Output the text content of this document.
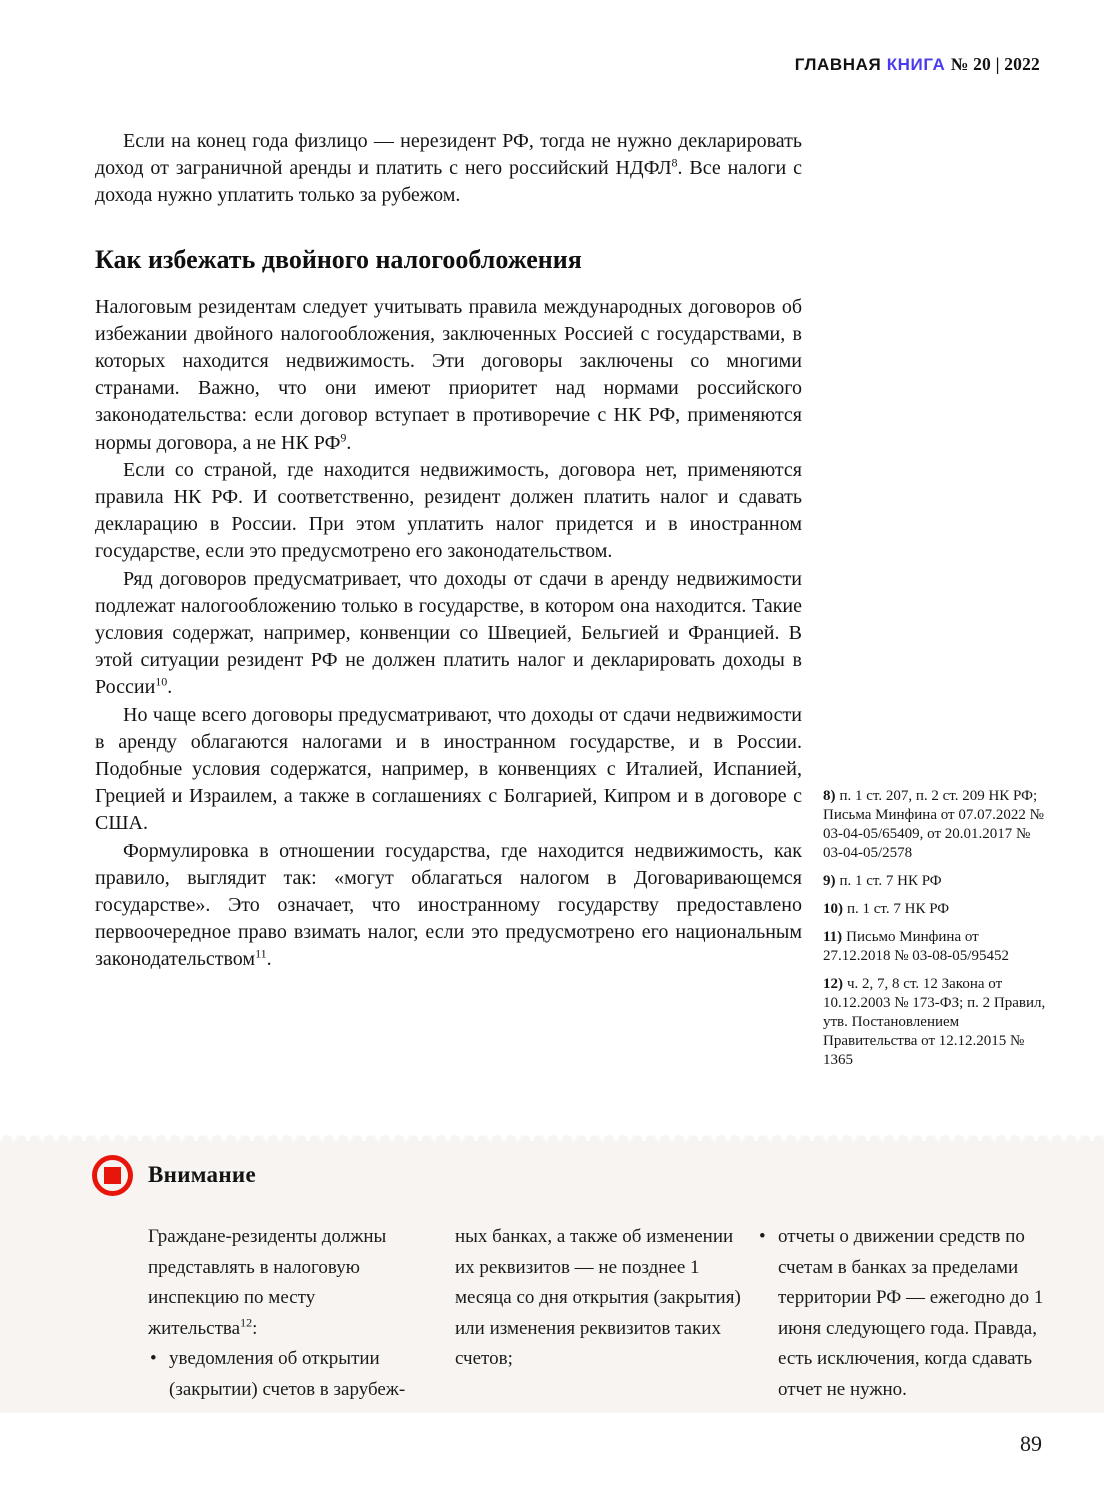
ГЛАВНАЯ КНИГА № 20 | 2022

Если на конец года физлицо — нерезидент РФ, тогда не нужно декларировать доход от заграничной аренды и платить с него российский НДФЛ$^8$. Все налоги с дохода нужно уплатить только за рубежом.

Как избежать двойного налогообложения

Налоговым резидентам следует учитывать правила международных договоров об избежании двойного налогообложения, заключенных Россией с государствами, в которых находится недвижимость. Эти договоры заключены со многими странами. Важно, что они имеют приоритет над нормами российского законодательства: если договор вступает в противоречие с НК РФ, применяются нормы договора, а не НК РФ$^9$.

Если со страной, где находится недвижимость, договора нет, применяются правила НК РФ. И соответственно, резидент должен платить налог и сдавать декларацию в России. При этом уплатить налог придется и в иностранном государстве, если это предусмотрено его законодательством.

Ряд договоров предусматривает, что доходы от сдачи в аренду недвижимости подлежат налогообложению только в государстве, в котором она находится. Такие условия содержат, например, конвенции со Швецией, Бельгией и Францией. В этой ситуации резидент РФ не должен платить налог и декларировать доходы в России$^{10}$.

Но чаще всего договоры предусматривают, что доходы от сдачи недвижимости в аренду облагаются налогами и в иностранном государстве, и в России. Подобные условия содержатся, например, в конвенциях с Италией, Испанией, Грецией и Израилем, а также в соглашениях с Болгарией, Кипром и в договоре с США.

Формулировка в отношении государства, где находится недвижимость, как правило, выглядит так: «могут облагаться налогом в Договаривающемся государстве». Это означает, что иностранному государству предоставлено первоочередное право взимать налог, если это предусмотрено его национальным законодательством$^{11}$.

8) п. 1 ст. 207, п. 2 ст. 209 НК РФ; Письма Минфина от 07.07.2022 № 03-04-05/65409, от 20.01.2017 № 03-04-05/2578

9) п. 1 ст. 7 НК РФ

10) п. 1 ст. 7 НК РФ

11) Письмо Минфина от 27.12.2018 № 03-08-05/95452

12) ч. 2, 7, 8 ст. 12 Закона от 10.12.2003 № 173-ФЗ; п. 2 Правил, утв. Постановлением Правительства от 12.12.2015 № 1365

Внимание

Граждане-резиденты должны представлять в налоговую инспекцию по месту жительства$^{12}$:

• уведомления об открытии (закрытии) счетов в зарубеж-

ных банках, а также об изменении их реквизитов — не позднее 1 месяца со дня открытия (закрытия) или изменения реквизитов таких счетов;

• отчеты о движении средств по счетам в банках за пределами территории РФ — ежегодно до 1 июня следующего года. Правда, есть исключения, когда сдавать отчет не нужно.

89
